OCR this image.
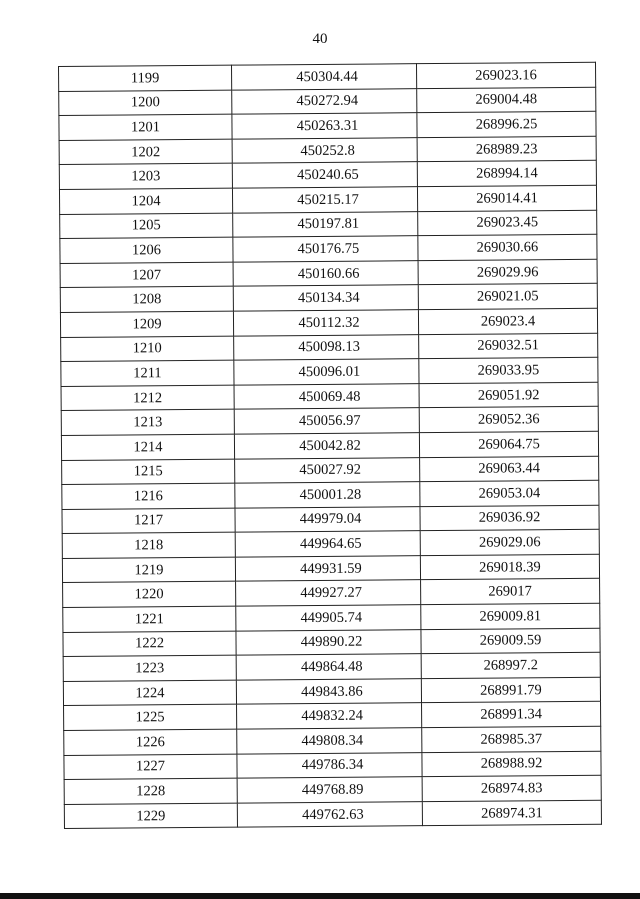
40
1199	450304.44	269023.16
1200	450272.94	269004.48
1201	450263.31	268996.25
1202	450252.8	268989.23
1203	450240.65	268994.14
1204	450215.17	269014.41
1205	450197.81	269023.45
1206	450176.75	269030.66
1207	450160.66	269029.96
1208	450134.34	269021.05
1209	450112.32	269023.4
1210	450098.13	269032.51
1211	450096.01	269033.95
1212	450069.48	269051.92
1213	450056.97	269052.36
1214	450042.82	269064.75
1215	450027.92	269063.44
1216	450001.28	269053.04
1217	449979.04	269036.92
1218	449964.65	269029.06
1219	449931.59	269018.39
1220	449927.27	269017
1221	449905.74	269009.81
1222	449890.22	269009.59
1223	449864.48	268997.2
1224	449843.86	268991.79
1225	449832.24	268991.34
1226	449808.34	268985.37
1227	449786.34	268988.92
1228	449768.89	268974.83
1229	449762.63	268974.31
